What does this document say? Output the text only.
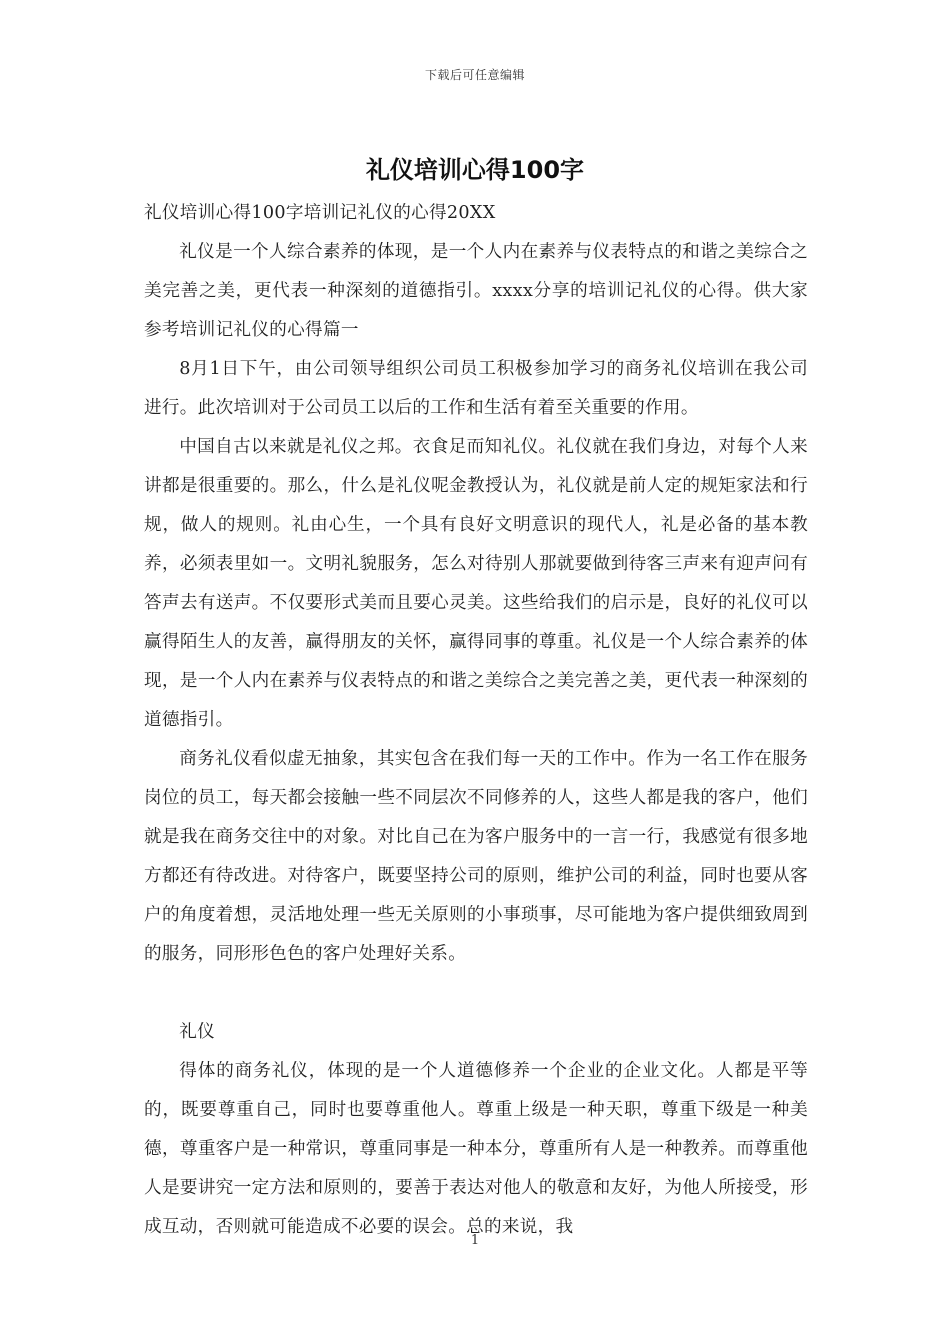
下载后可任意编辑
礼仪培训心得100字

礼仪培训心得100字培训记礼仪的心得20XX

礼仪是一个人综合素养的体现，是一个人内在素养与仪表特点的和谐之美综合之美完善之美，更代表一种深刻的道德指引。xxxx分享的培训记礼仪的心得。供大家参考培训记礼仪的心得篇一

8月1日下午，由公司领导组织公司员工积极参加学习的商务礼仪培训在我公司进行。此次培训对于公司员工以后的工作和生活有着至关重要的作用。

中国自古以来就是礼仪之邦。衣食足而知礼仪。礼仪就在我们身边，对每个人来讲都是很重要的。那么，什么是礼仪呢金教授认为，礼仪就是前人定的规矩家法和行规，做人的规则。礼由心生，一个具有良好文明意识的现代人，礼是必备的基本教养，必须表里如一。文明礼貌服务，怎么对待别人那就要做到待客三声来有迎声问有答声去有送声。不仅要形式美而且要心灵美。这些给我们的启示是，良好的礼仪可以赢得陌生人的友善，赢得朋友的关怀，赢得同事的尊重。礼仪是一个人综合素养的体现，是一个人内在素养与仪表特点的和谐之美综合之美完善之美，更代表一种深刻的道德指引。

商务礼仪看似虚无抽象，其实包含在我们每一天的工作中。作为一名工作在服务岗位的员工，每天都会接触一些不同层次不同修养的人，这些人都是我的客户，他们就是我在商务交往中的对象。对比自己在为客户服务中的一言一行，我感觉有很多地方都还有待改进。对待客户，既要坚持公司的原则，维护公司的利益，同时也要从客户的角度着想，灵活地处理一些无关原则的小事琐事，尽可能地为客户提供细致周到的服务，同形形色色的客户处理好关系。

礼仪

得体的商务礼仪，体现的是一个人道德修养一个企业的企业文化。人都是平等的，既要尊重自己，同时也要尊重他人。尊重上级是一种天职，尊重下级是一种美德，尊重客户是一种常识，尊重同事是一种本分，尊重所有人是一种教养。而尊重他人是要讲究一定方法和原则的，要善于表达对他人的敬意和友好，为他人所接受，形成互动，否则就可能造成不必要的误会。总的来说，我

1
